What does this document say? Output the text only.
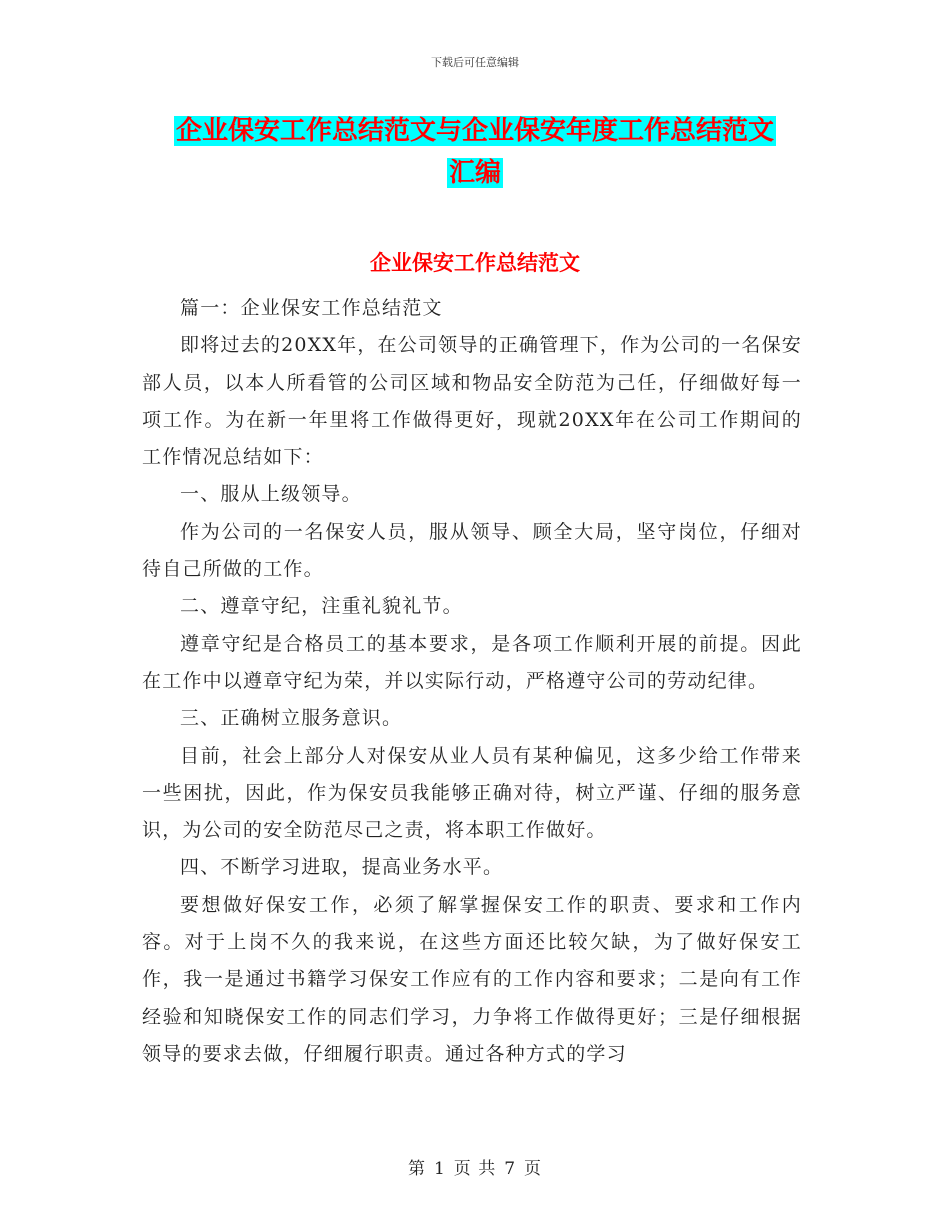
下载后可任意编辑
企业保安工作总结范文与企业保安年度工作总结范文
汇编
企业保安工作总结范文

篇一：企业保安工作总结范文

即将过去的20XX年，在公司领导的正确管理下，作为公司的一名保安部人员，以本人所看管的公司区域和物品安全防范为己任，仔细做好每一项工作。为在新一年里将工作做得更好，现就20XX年在公司工作期间的工作情况总结如下：

一、服从上级领导。

作为公司的一名保安人员，服从领导、顾全大局，坚守岗位，仔细对待自己所做的工作。

二、遵章守纪，注重礼貌礼节。

遵章守纪是合格员工的基本要求，是各项工作顺利开展的前提。因此在工作中以遵章守纪为荣，并以实际行动，严格遵守公司的劳动纪律。

三、正确树立服务意识。

目前，社会上部分人对保安从业人员有某种偏见，这多少给工作带来一些困扰，因此，作为保安员我能够正确对待，树立严谨、仔细的服务意识，为公司的安全防范尽己之责，将本职工作做好。

四、不断学习进取，提高业务水平。

要想做好保安工作，必须了解掌握保安工作的职责、要求和工作内容。对于上岗不久的我来说，在这些方面还比较欠缺，为了做好保安工作，我一是通过书籍学习保安工作应有的工作内容和要求；二是向有工作经验和知晓保安工作的同志们学习，力争将工作做得更好；三是仔细根据领导的要求去做，仔细履行职责。通过各种方式的学习

第 1 页 共 7 页
